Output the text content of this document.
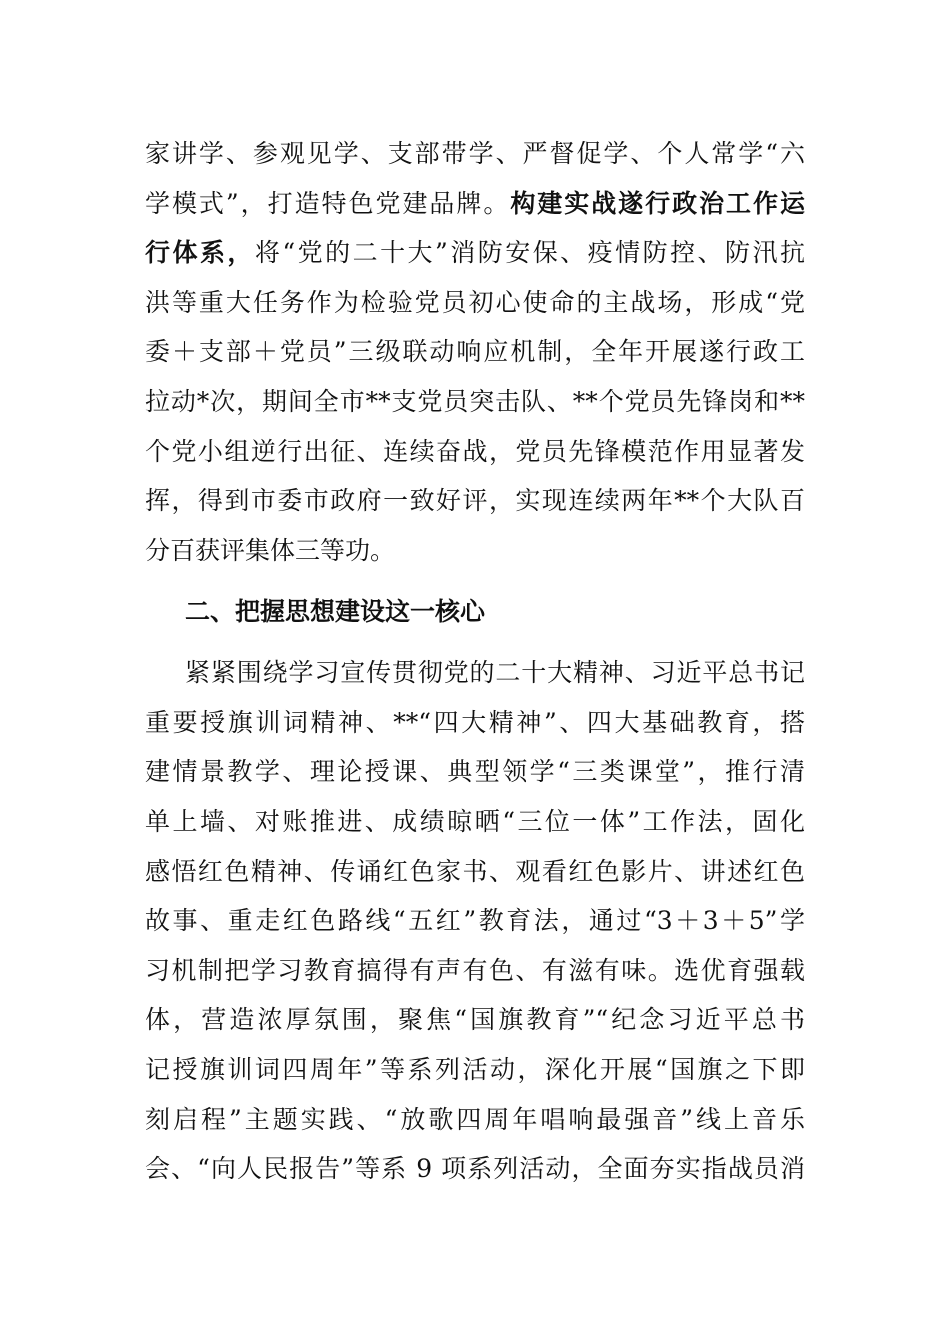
家讲学、参观见学、支部带学、严督促学、个人常学“六
学模式”，打造特色党建品牌。构建实战遂行政治工作运
行体系，将“党的二十大”消防安保、疫情防控、防汛抗
洪等重大任务作为检验党员初心使命的主战场，形成“党
委＋支部＋党员”三级联动响应机制，全年开展遂行政工
拉动*次，期间全市**支党员突击队、**个党员先锋岗和**
个党小组逆行出征、连续奋战，党员先锋模范作用显著发
挥，得到市委市政府一致好评，实现连续两年**个大队百
分百获评集体三等功。
二、把握思想建设这一核心
紧紧围绕学习宣传贯彻党的二十大精神、习近平总书记
重要授旗训词精神、**“四大精神”、四大基础教育，搭
建情景教学、理论授课、典型领学“三类课堂”，推行清
单上墙、对账推进、成绩晾晒“三位一体”工作法，固化
感悟红色精神、传诵红色家书、观看红色影片、讲述红色
故事、重走红色路线“五红”教育法，通过“3＋3＋5”学
习机制把学习教育搞得有声有色、有滋有味。选优育强载
体，营造浓厚氛围，聚焦“国旗教育”“纪念习近平总书
记授旗训词四周年”等系列活动，深化开展“国旗之下即
刻启程”主题实践、“放歌四周年唱响最强音”线上音乐
会、“向人民报告”等系 9 项系列活动，全面夯实指战员消
